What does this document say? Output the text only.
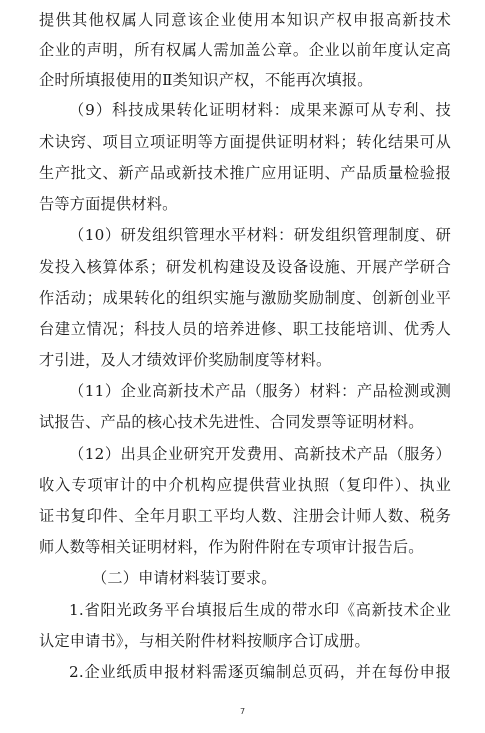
提供其他权属人同意该企业使用本知识产权申报高新技术
企业的声明，所有权属人需加盖公章。企业以前年度认定高
企时所填报使用的Ⅱ类知识产权，不能再次填报。
（9）科技成果转化证明材料：成果来源可从专利、技
术诀窍、项目立项证明等方面提供证明材料；转化结果可从
生产批文、新产品或新技术推广应用证明、产品质量检验报
告等方面提供材料。
（10）研发组织管理水平材料：研发组织管理制度、研
发投入核算体系；研发机构建设及设备设施、开展产学研合
作活动；成果转化的组织实施与激励奖励制度、创新创业平
台建立情况；科技人员的培养进修、职工技能培训、优秀人
才引进，及人才绩效评价奖励制度等材料。
（11）企业高新技术产品（服务）材料：产品检测或测
试报告、产品的核心技术先进性、合同发票等证明材料。
（12）出具企业研究开发费用、高新技术产品（服务）
收入专项审计的中介机构应提供营业执照（复印件）、执业
证书复印件、全年月职工平均人数、注册会计师人数、税务
师人数等相关证明材料，作为附件附在专项审计报告后。
（二）申请材料装订要求。
1.省阳光政务平台填报后生成的带水印《高新技术企业
认定申请书》，与相关附件材料按顺序合订成册。
2.企业纸质申报材料需逐页编制总页码，并在每份申报
7
